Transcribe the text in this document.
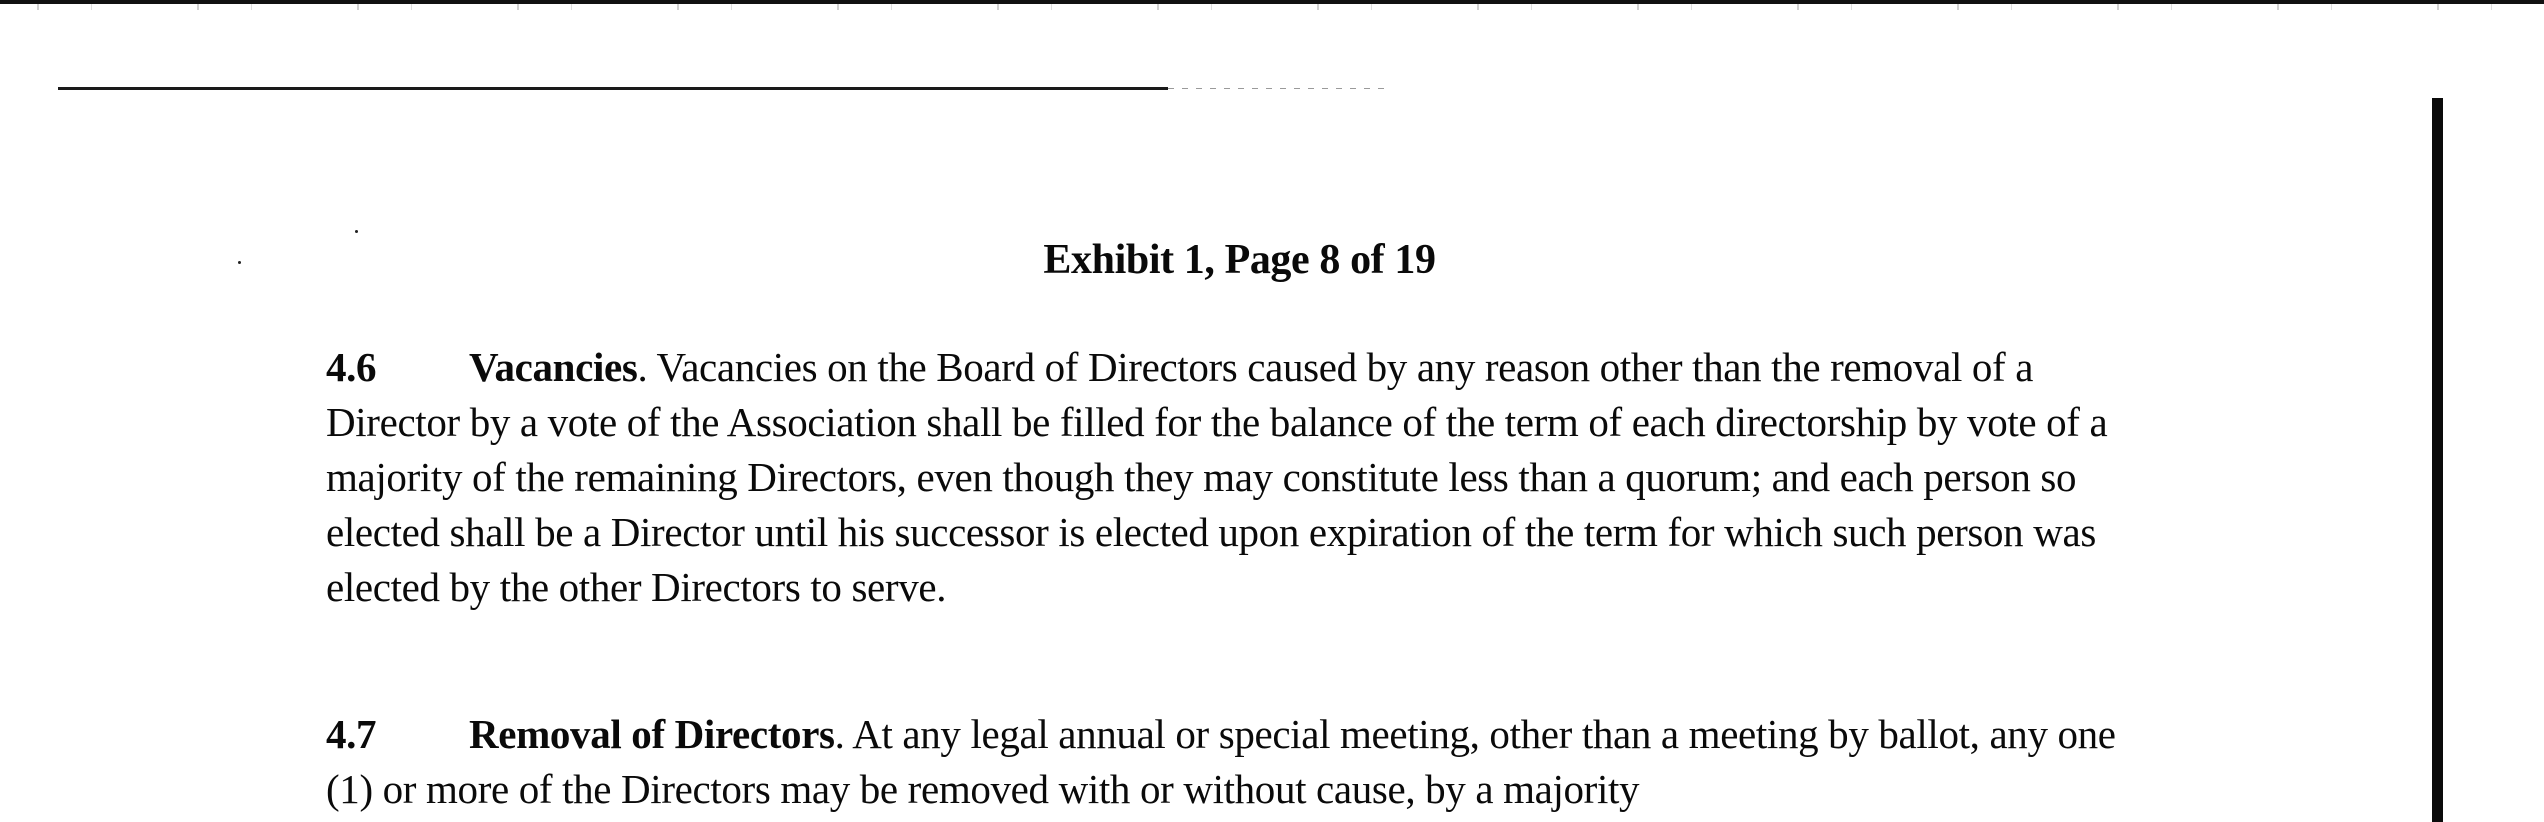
Exhibit 1, Page 8 of 19
4.6 Vacancies. Vacancies on the Board of Directors caused by any reason other than the removal of a Director by a vote of the Association shall be filled for the balance of the term of each directorship by vote of a majority of the remaining Directors, even though they may constitute less than a quorum; and each person so elected shall be a Director until his successor is elected upon expiration of the term for which such person was elected by the other Directors to serve.
4.7 Removal of Directors. At any legal annual or special meeting, other than a meeting by ballot, any one (1) or more of the Directors may be removed with or without cause, by a majority
